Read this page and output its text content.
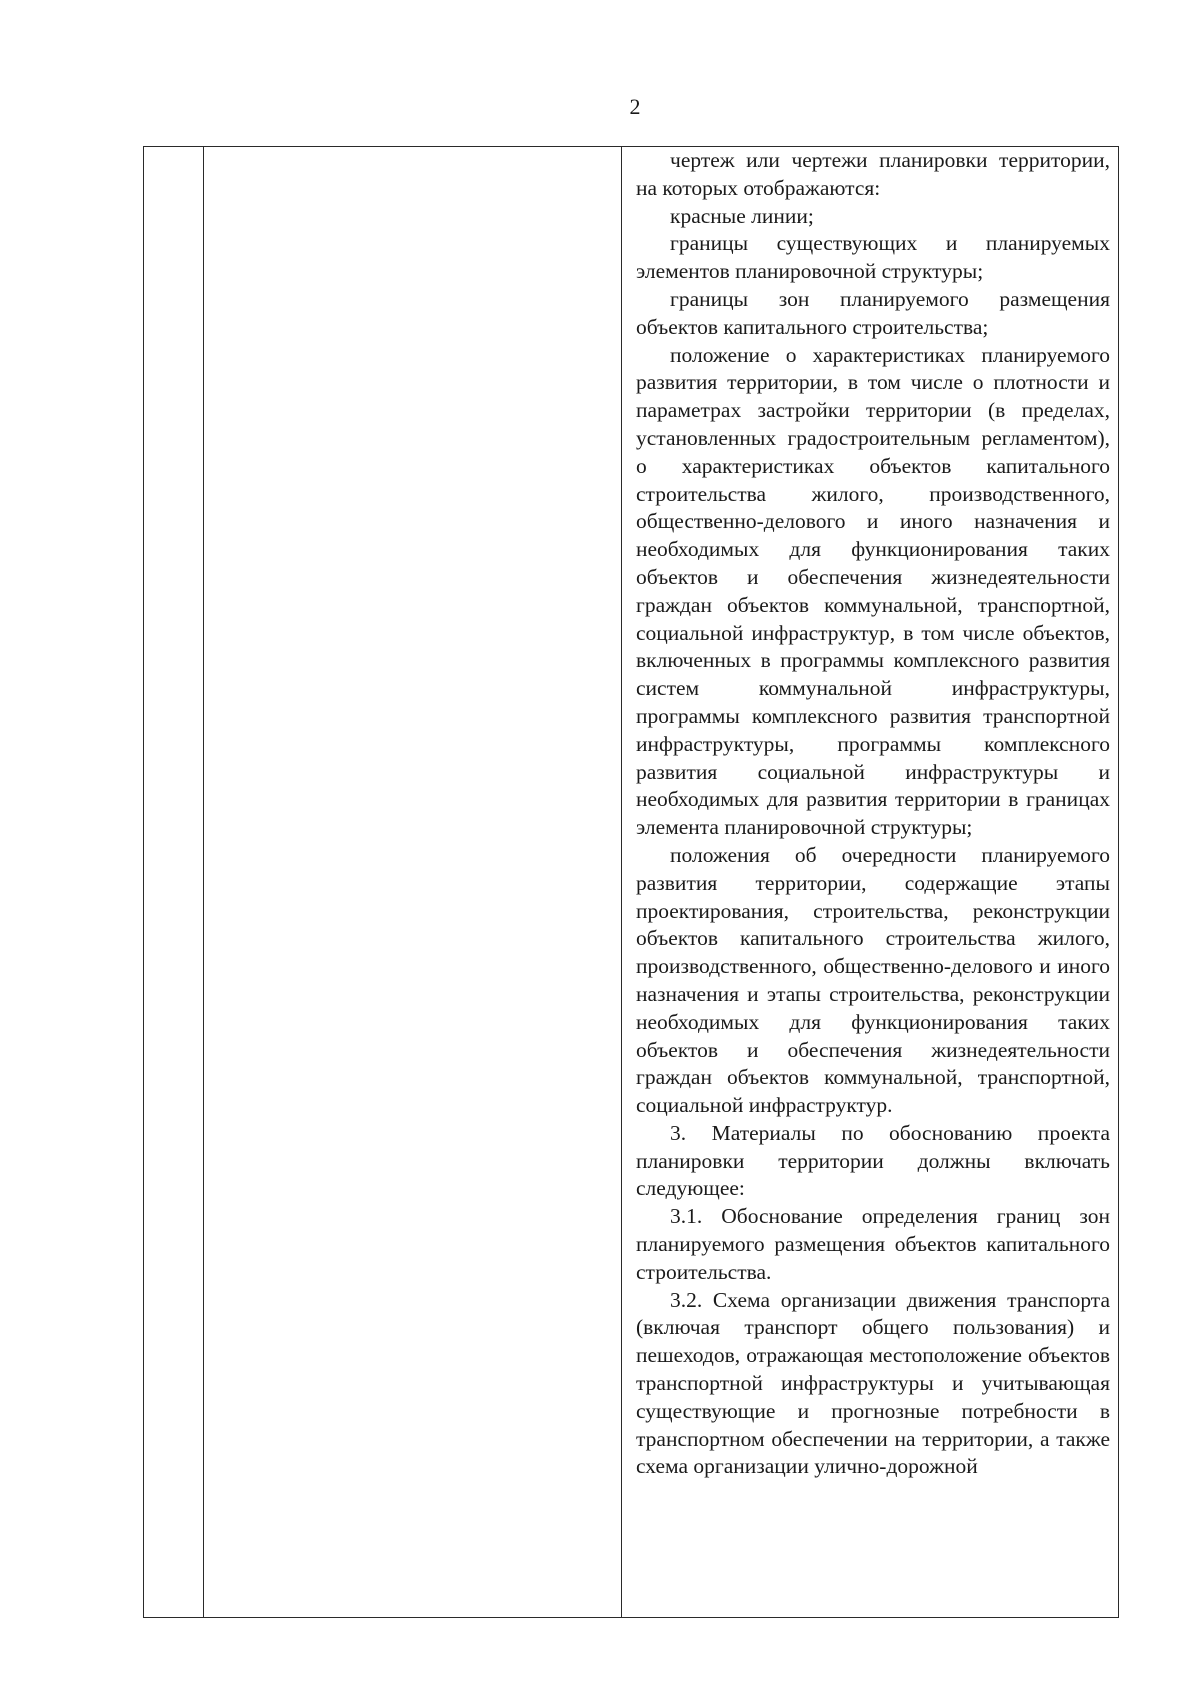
2

чертеж или чертежи планировки территории, на которых отображаются:

красные линии;

границы существующих и планируемых элементов планировочной структуры;

границы зон планируемого размещения объектов капитального строительства;

положение о характеристиках планируемого развития территории, в том числе о плотности и параметрах застройки территории (в пределах, установленных градостроительным регламентом), о характеристиках объектов капитального строительства жилого, производственного, общественно-делового и иного назначения и необходимых для функционирования таких объектов и обеспечения жизнедеятельности граждан объектов коммунальной, транспортной, социальной инфраструктур, в том числе объектов, включенных в программы комплексного развития систем коммунальной инфраструктуры, программы комплексного развития транспортной инфраструктуры, программы комплексного развития социальной инфраструктуры и необходимых для развития территории в границах элемента планировочной структуры;

положения об очередности планируемого развития территории, содержащие этапы проектирования, строительства, реконструкции объектов капитального строительства жилого, производственного, общественно-делового и иного назначения и этапы строительства, реконструкции необходимых для функционирования таких объектов и обеспечения жизнедеятельности граждан объектов коммунальной, транспортной, социальной инфраструктур.

3. Материалы по обоснованию проекта планировки территории должны включать следующее:

3.1. Обоснование определения границ зон планируемого размещения объектов капитального строительства.

3.2. Схема организации движения транспорта (включая транспорт общего пользования) и пешеходов, отражающая местоположение объектов транспортной инфраструктуры и учитывающая существующие и прогнозные потребности в транспортном обеспечении на территории, а также схема организации улично-дорожной
